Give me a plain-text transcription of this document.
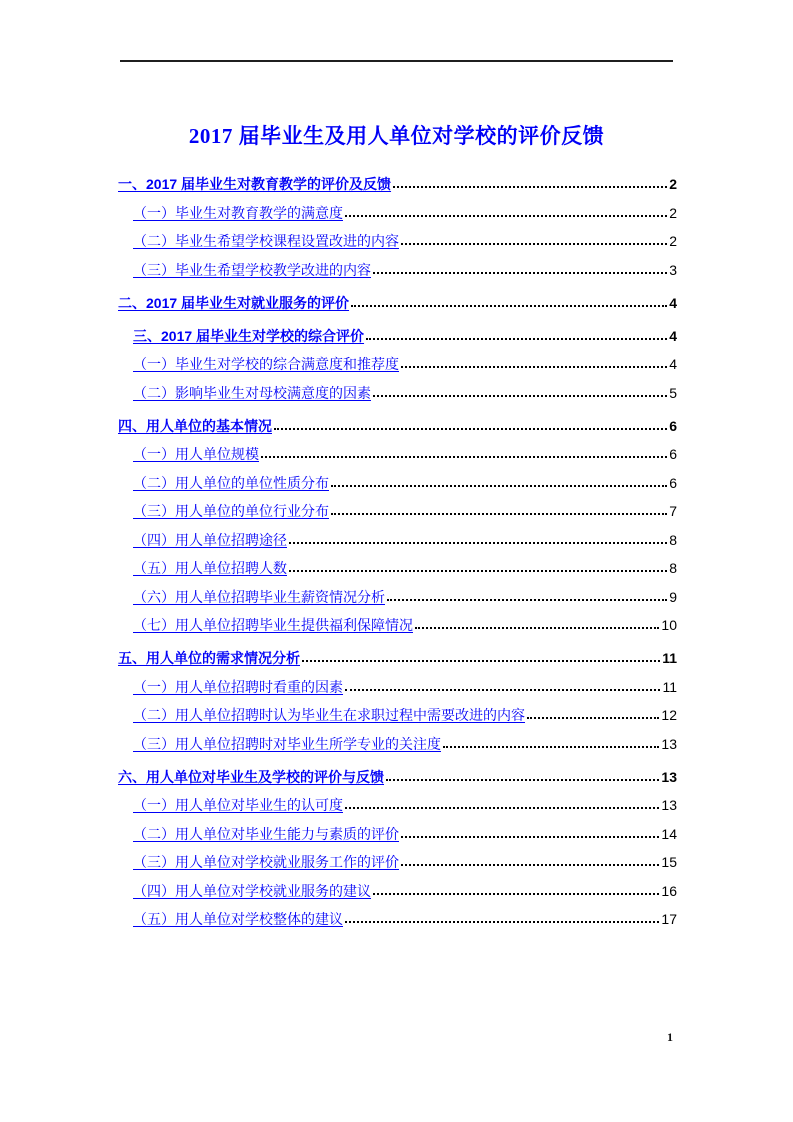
2017 届毕业生及用人单位对学校的评价反馈
一、2017 届毕业生对教育教学的评价及反馈	2
（一）毕业生对教育教学的满意度	2
（二）毕业生希望学校课程设置改进的内容	2
（三）毕业生希望学校教学改进的内容	3
二、2017 届毕业生对就业服务的评价	4
三、2017 届毕业生对学校的综合评价	4
（一）毕业生对学校的综合满意度和推荐度	4
（二）影响毕业生对母校满意度的因素	5
四、用人单位的基本情况	6
（一）用人单位规模	6
（二）用人单位的单位性质分布	6
（三）用人单位的单位行业分布	7
（四）用人单位招聘途径	8
（五）用人单位招聘人数	8
（六）用人单位招聘毕业生薪资情况分析	9
（七）用人单位招聘毕业生提供福利保障情况	10
五、用人单位的需求情况分析	11
（一）用人单位招聘时看重的因素	11
（二）用人单位招聘时认为毕业生在求职过程中需要改进的内容	12
（三）用人单位招聘时对毕业生所学专业的关注度	13
六、用人单位对毕业生及学校的评价与反馈	13
（一）用人单位对毕业生的认可度	13
（二）用人单位对毕业生能力与素质的评价	14
（三）用人单位对学校就业服务工作的评价	15
（四）用人单位对学校就业服务的建议	16
（五）用人单位对学校整体的建议	17
1
